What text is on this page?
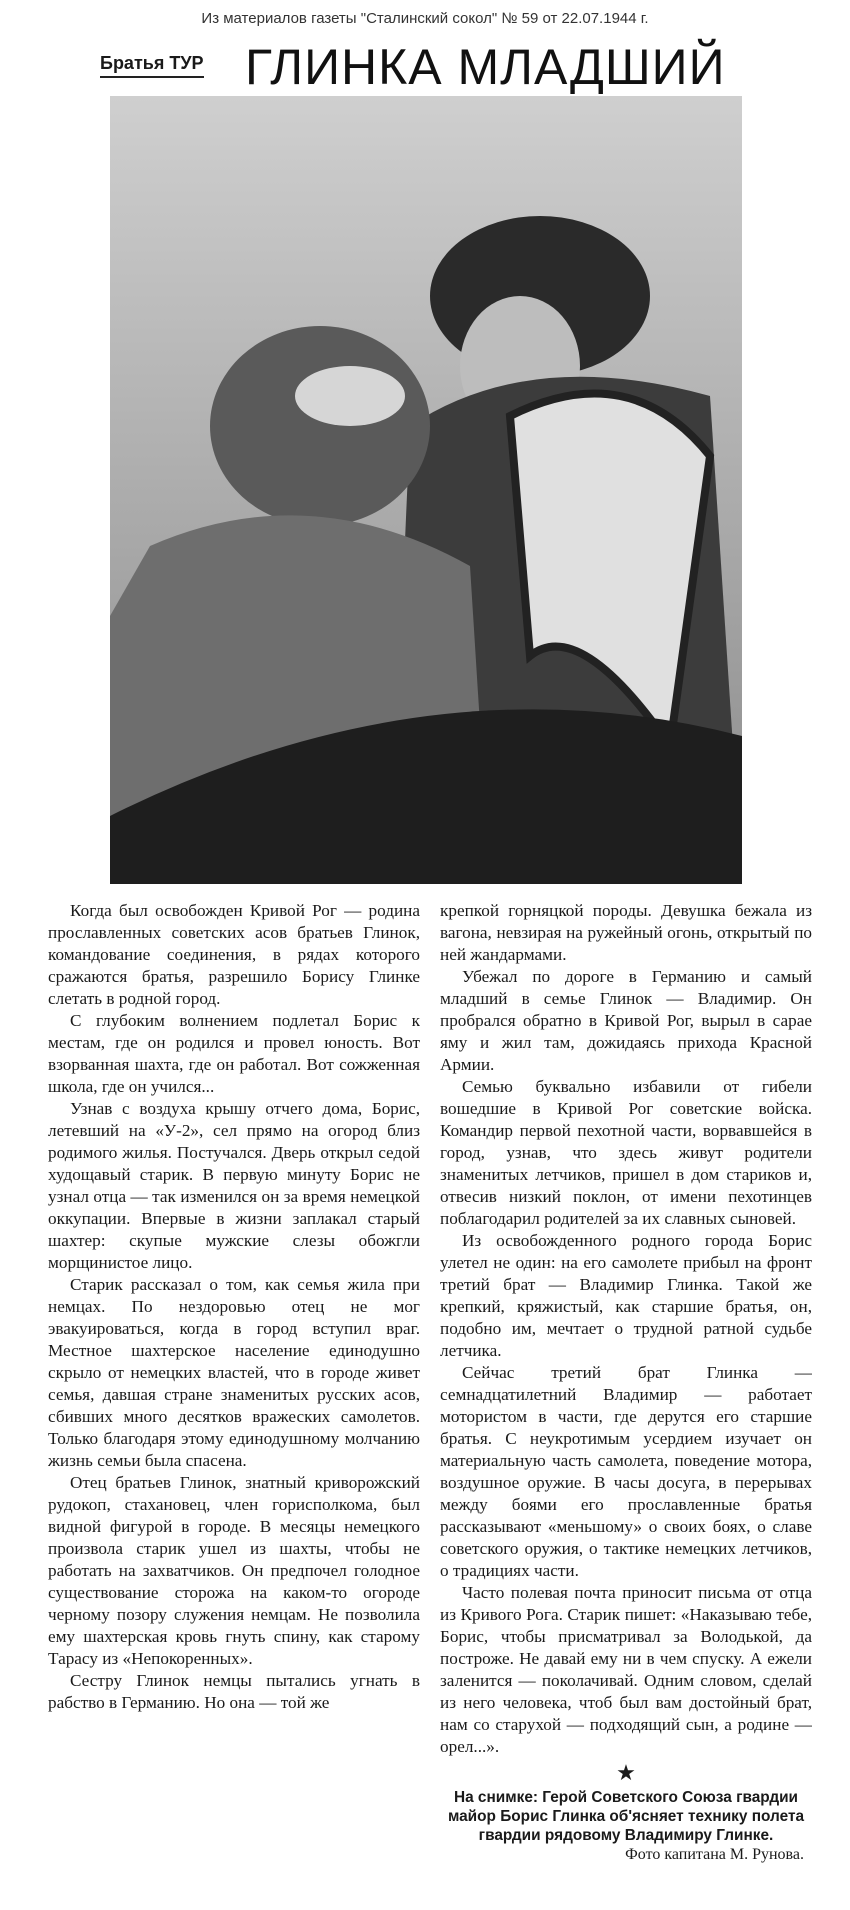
Из материалов газеты "Сталинский сокол" № 59 от 22.07.1944 г.
Братья ТУР ГЛИНКА МЛАДШИЙ

Когда был освобожден Кривой Рог — родина прославленных советских асов братьев Глинок, командование соединения, в рядах которого сражаются братья, разрешило Борису Глинке слетать в родной город.

С глубоким волнением подлетал Борис к местам, где он родился и провел юность. Вот взорванная шахта, где он работал. Вот сожженная школа, где он учился...

Узнав с воздуха крышу отчего дома, Борис, летевший на «У-2», сел прямо на огород близ родимого жилья. Постучался. Дверь открыл седой худощавый старик. В первую минуту Борис не узнал отца — так изменился он за время немецкой оккупации. Впервые в жизни заплакал старый шахтер: скупые мужские слезы обожгли морщинистое лицо.

Старик рассказал о том, как семья жила при немцах. По нездоровью отец не мог эвакуироваться, когда в город вступил враг. Местное шахтерское население единодушно скрыло от немецких властей, что в городе живет семья, давшая стране знаменитых русских асов, сбивших много десятков вражеских самолетов. Только благодаря этому единодушному молчанию жизнь семьи была спасена.

Отец братьев Глинок, знатный криворожский рудокоп, стахановец, член горисполкома, был видной фигурой в городе. В месяцы немецкого произвола старик ушел из шахты, чтобы не работать на захватчиков. Он предпочел голодное существование сторожа на каком-то огороде черному позору служения немцам. Не позволила ему шахтерская кровь гнуть спину, как старому Тарасу из «Непокоренных».

Сестру Глинок немцы пытались угнать в рабство в Германию. Но она — той же

крепкой горняцкой породы. Девушка бежала из вагона, невзирая на ружейный огонь, открытый по ней жандармами.

Убежал по дороге в Германию и самый младший в семье Глинок — Владимир. Он пробрался обратно в Кривой Рог, вырыл в сарае яму и жил там, дожидаясь прихода Красной Армии.

Семью буквально избавили от гибели вошедшие в Кривой Рог советские войска. Командир первой пехотной части, ворвавшейся в город, узнав, что здесь живут родители знаменитых летчиков, пришел в дом стариков и, отвесив низкий поклон, от имени пехотинцев поблагодарил родителей за их славных сыновей.

Из освобожденного родного города Борис улетел не один: на его самолете прибыл на фронт третий брат — Владимир Глинка. Такой же крепкий, кряжистый, как старшие братья, он, подобно им, мечтает о трудной ратной судьбе летчика.

Сейчас третий брат Глинка — семнадцатилетний Владимир — работает мотористом в части, где дерутся его старшие братья. С неукротимым усердием изучает он материальную часть самолета, поведение мотора, воздушное оружие. В часы досуга, в перерывах между боями его прославленные братья рассказывают «меньшому» о своих боях, о славе советского оружия, о тактике немецких летчиков, о традициях части.

Часто полевая почта приносит письма от отца из Кривого Рога. Старик пишет: «Наказываю тебе, Борис, чтобы присматривал за Володькой, да построже. Не давай ему ни в чем спуску. А ежели заленится — поколачивай. Одним словом, сделай из него человека, чтоб был вам достойный брат, нам со старухой — подходящий сын, а родине — орел...».

★
На снимке: Герой Советского Союза гвардии майор Борис Глинка об'ясняет технику полета гвардии рядовому Владимиру Глинке.
Фото капитана М. Рунова.
